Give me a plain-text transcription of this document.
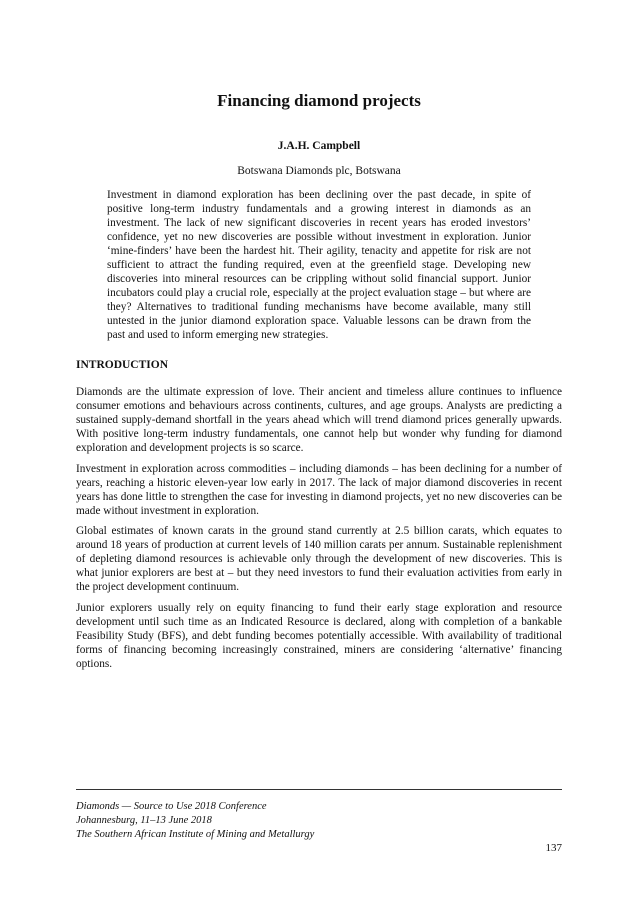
Financing diamond projects
J.A.H. Campbell
Botswana Diamonds plc, Botswana

Investment in diamond exploration has been declining over the past decade, in spite of positive long-term industry fundamentals and a growing interest in diamonds as an investment. The lack of new significant discoveries in recent years has eroded investors’ confidence, yet no new discoveries are possible without investment in exploration. Junior ‘mine-finders’ have been the hardest hit. Their agility, tenacity and appetite for risk are not sufficient to attract the funding required, even at the greenfield stage. Developing new discoveries into mineral resources can be crippling without solid financial support. Junior incubators could play a crucial role, especially at the project evaluation stage – but where are they? Alternatives to traditional funding mechanisms have become available, many still untested in the junior diamond exploration space. Valuable lessons can be drawn from the past and used to inform emerging new strategies.

INTRODUCTION

Diamonds are the ultimate expression of love. Their ancient and timeless allure continues to influence consumer emotions and behaviours across continents, cultures, and age groups. Analysts are predicting a sustained supply-demand shortfall in the years ahead which will trend diamond prices generally upwards. With positive long-term industry fundamentals, one cannot help but wonder why funding for diamond exploration and development projects is so scarce.

Investment in exploration across commodities – including diamonds – has been declining for a number of years, reaching a historic eleven-year low early in 2017. The lack of major diamond discoveries in recent years has done little to strengthen the case for investing in diamond projects, yet no new discoveries can be made without investment in exploration.

Global estimates of known carats in the ground stand currently at 2.5 billion carats, which equates to around 18 years of production at current levels of 140 million carats per annum. Sustainable replenishment of depleting diamond resources is achievable only through the development of new discoveries. This is what junior explorers are best at – but they need investors to fund their evaluation activities from early in the project development continuum.

Junior explorers usually rely on equity financing to fund their early stage exploration and resource development until such time as an Indicated Resource is declared, along with completion of a bankable Feasibility Study (BFS), and debt funding becomes potentially accessible. With availability of traditional forms of financing becoming increasingly constrained, miners are considering ‘alternative’ financing options.

Diamonds — Source to Use 2018 Conference
Johannesburg, 11–13 June 2018
The Southern African Institute of Mining and Metallurgy
137
